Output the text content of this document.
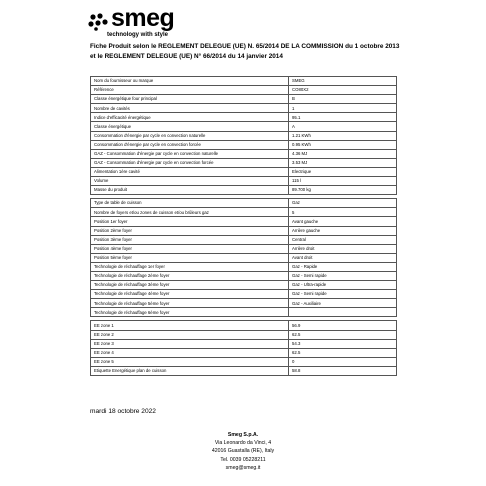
smeg
technology with style
Fiche Produit selon le REGLEMENT DELEGUE (UE) N. 65/2014 DE LA COMMISSION du 1 octobre 2013
et le REGLEMENT DELEGUE (UE) N° 66/2014 du 14 janvier 2014
Nom du fournisseur ou marque	SMEG
Référence	CO80X2
Classe énergétique four principal	B
Nombre de cavités	1
Indice d'efficacité énergétique	95.1
Classe énergétique	A
Consommation d'énergie par cycle en convection naturelle	1.21 KWh
Consommation d'énergie par cycle en convection forcée	0.95 KWh
GAZ - Consommation d'énergie par cycle en convection naturelle	4.36 MJ
GAZ - Consommation d'énergie par cycle en convection forcée	3.53 MJ
Alimentation 1ère cavité	Electrique
Volume	115 l
Masse du produit	89.700 kg

Type de table de cuisson	Gaz
Nombre de foyers et/ou zones de cuisson et/ou brûleurs gaz	5
Position 1er foyer	Avant gauche
Position 2ème foyer	Arrière gauche
Position 3ème foyer	Central
Position 4ème foyer	Arrière droit
Position 5ème foyer	Avant droit
Technologie de réchauffage 1er foyer	Gaz - Rapide
Technologie de réchauffage 2ème foyer	Gaz - Semi rapide
Technologie de réchauffage 3ème foyer	Gaz - Ultra-rapide
Technologie de réchauffage 4ème foyer	Gaz - Semi rapide
Technologie de réchauffage 5ème foyer	Gaz - Auxiliaire
Technologie de réchauffage 6ème foyer	

EE zone 1	56.9
EE zone 2	62.5
EE zone 3	54.3
EE zone 4	62.5
EE zone 5	0
Etiquette Energétique plan de cuisson	58.8
mardi 18 octobre 2022
Smeg S.p.A.
Via Leonardo da Vinci, 4
42016 Guastalla (RE), Italy
Tel. 0039 05228211
smeg@smeg.it
